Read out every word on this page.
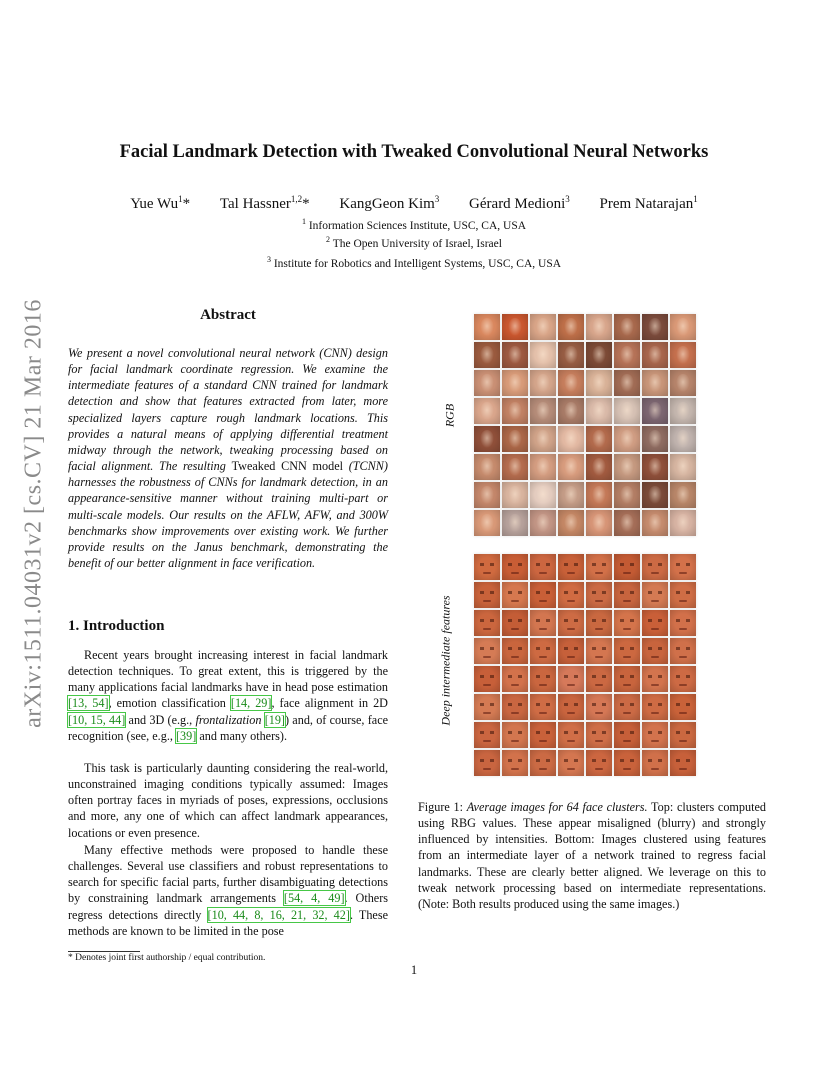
Facial Landmark Detection with Tweaked Convolutional Neural Networks
Yue Wu$^1$* Tal Hassner$^{1,2}$* KangGeon Kim$^3$ Gérard Medioni$^3$ Prem Natarajan$^1$
$^1$ Information Sciences Institute, USC, CA, USA
$^2$ The Open University of Israel, Israel
$^3$ Institute for Robotics and Intelligent Systems, USC, CA, USA
arXiv:1511.04031v2 [cs.CV] 21 Mar 2016	Abstract
We present a novel convolutional neural network (CNN) design for facial landmark coordinate regression. We examine the intermediate features of a standard CNN trained for landmark detection and show that features extracted from later, more specialized layers capture rough landmark locations. This provides a natural means of applying differential treatment midway through the network, tweaking processing based on facial alignment. The resulting Tweaked CNN model (TCNN) harnesses the robustness of CNNs for landmark detection, in an appearance-sensitive manner without training multi-part or multi-scale models. Our results on the AFLW, AFW, and 300W benchmarks show improvements over existing work. We further provide results on the Janus benchmark, demonstrating the benefit of our better alignment in face verification.
1. Introduction
Recent years brought increasing interest in facial landmark detection techniques. To great extent, this is triggered by the many applications facial landmarks have in head pose estimation [13, 54], emotion classification [14, 29], face alignment in 2D [10, 15, 44] and 3D (e.g., frontalization [19]) and, of course, face recognition (see, e.g., [39] and many others).
This task is particularly daunting considering the real-world, unconstrained imaging conditions typically assumed: Images often portray faces in myriads of poses, expressions, occlusions and more, any one of which can affect landmark appearances, locations or even presence.
Many effective methods were proposed to handle these challenges. Several use classifiers and robust representations to search for specific facial parts, further disambiguating detections by constraining landmark arrangements [54, 4, 49]. Others regress detections directly [10, 44, 8, 16, 21, 32, 42]. These methods are known to be limited in the pose
* Denotes joint first authorship / equal contribution.
1
RGB
Deep intermediate features
Figure 1: Average images for 64 face clusters. Top: clusters computed using RBG values. These appear misaligned (blurry) and strongly influenced by intensities. Bottom: Images clustered using features from an intermediate layer of a network trained to regress facial landmarks. These are clearly better aligned. We leverage on this to tweak network processing based on intermediate representations. (Note: Both results produced using the same images.)
